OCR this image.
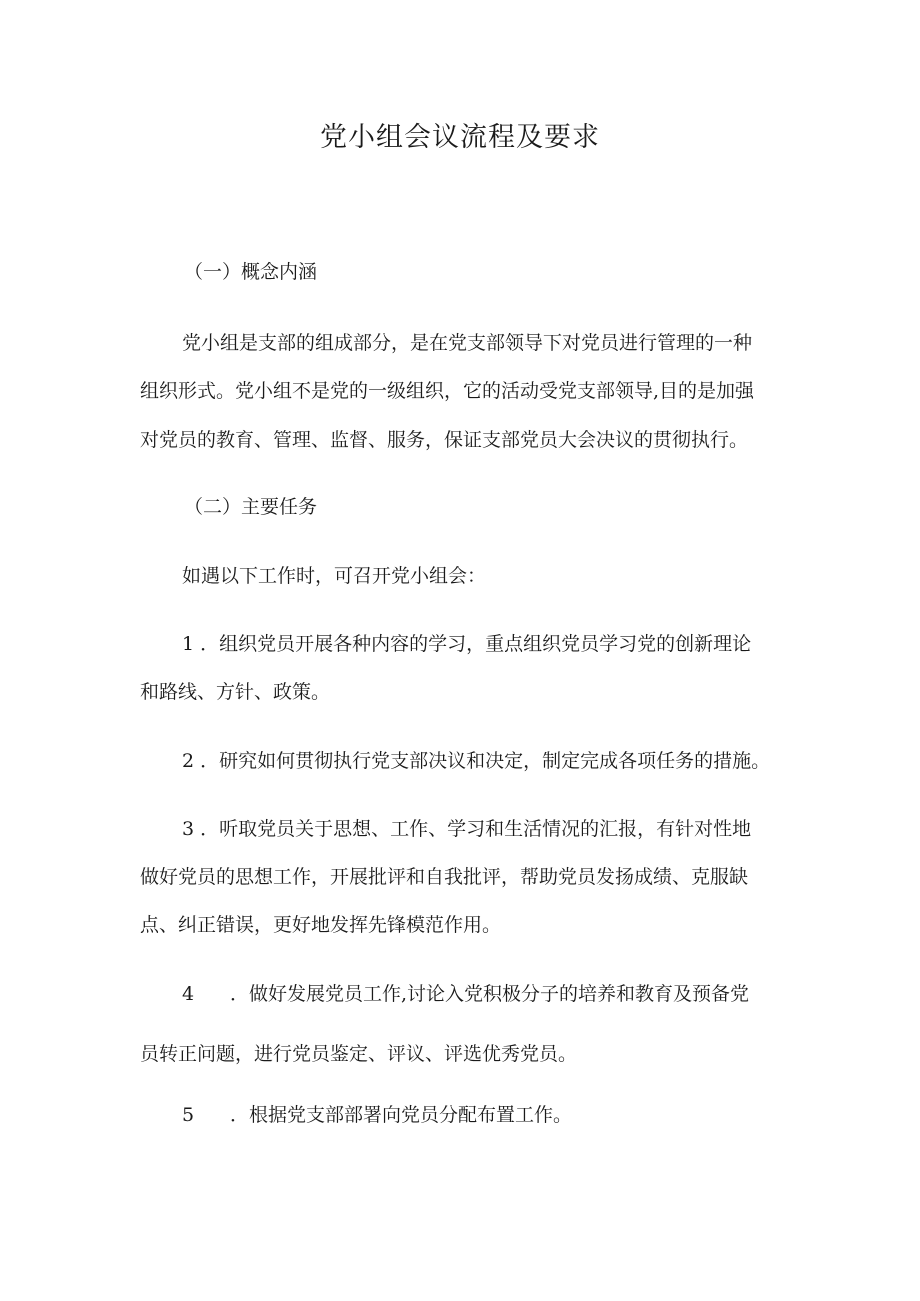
党小组会议流程及要求

（一）概念内涵

党小组是支部的组成部分，是在党支部领导下对党员进行管理的一种

组织形式。党小组不是党的一级组织，它的活动受党支部领导,目的是加强

对党员的教育、管理、监督、服务，保证支部党员大会决议的贯彻执行。

（二）主要任务

如遇以下工作时，可召开党小组会：

1 ．组织党员开展各种内容的学习，重点组织党员学习党的创新理论

和路线、方针、政策。

2 ．研究如何贯彻执行党支部决议和决定，制定完成各项任务的措施。

3 ．听取党员关于思想、工作、学习和生活情况的汇报，有针对性地

做好党员的思想工作，开展批评和自我批评，帮助党员发扬成绩、克服缺

点、纠正错误，更好地发挥先锋模范作用。

4 ．做好发展党员工作,讨论入党积极分子的培养和教育及预备党

员转正问题，进行党员鉴定、评议、评选优秀党员。

5 ．根据党支部部署向党员分配布置工作。
